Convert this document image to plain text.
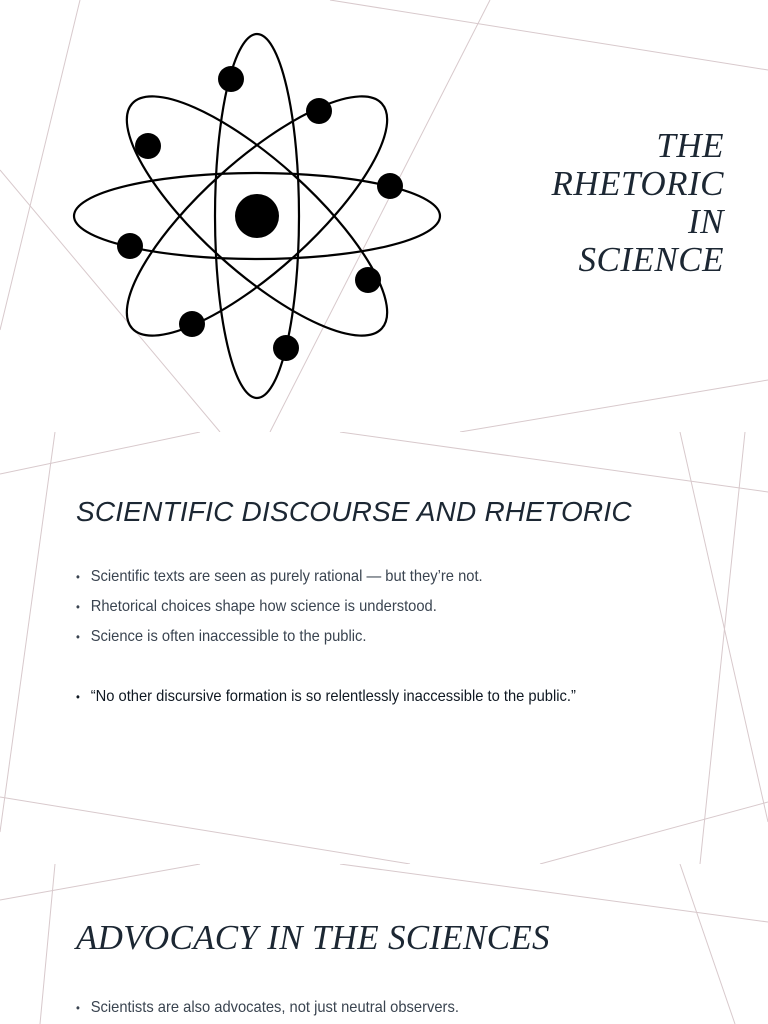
THE
RHETORIC
IN
SCIENCE
SCIENTIFIC DISCOURSE AND RHETORIC
• Scientific texts are seen as purely rational — but they’re not.
• Rhetorical choices shape how science is understood.
• Science is often inaccessible to the public.
• “No other discursive formation is so relentlessly inaccessible to the public.”
ADVOCACY IN THE SCIENCES
• Scientists are also advocates, not just neutral observers.
